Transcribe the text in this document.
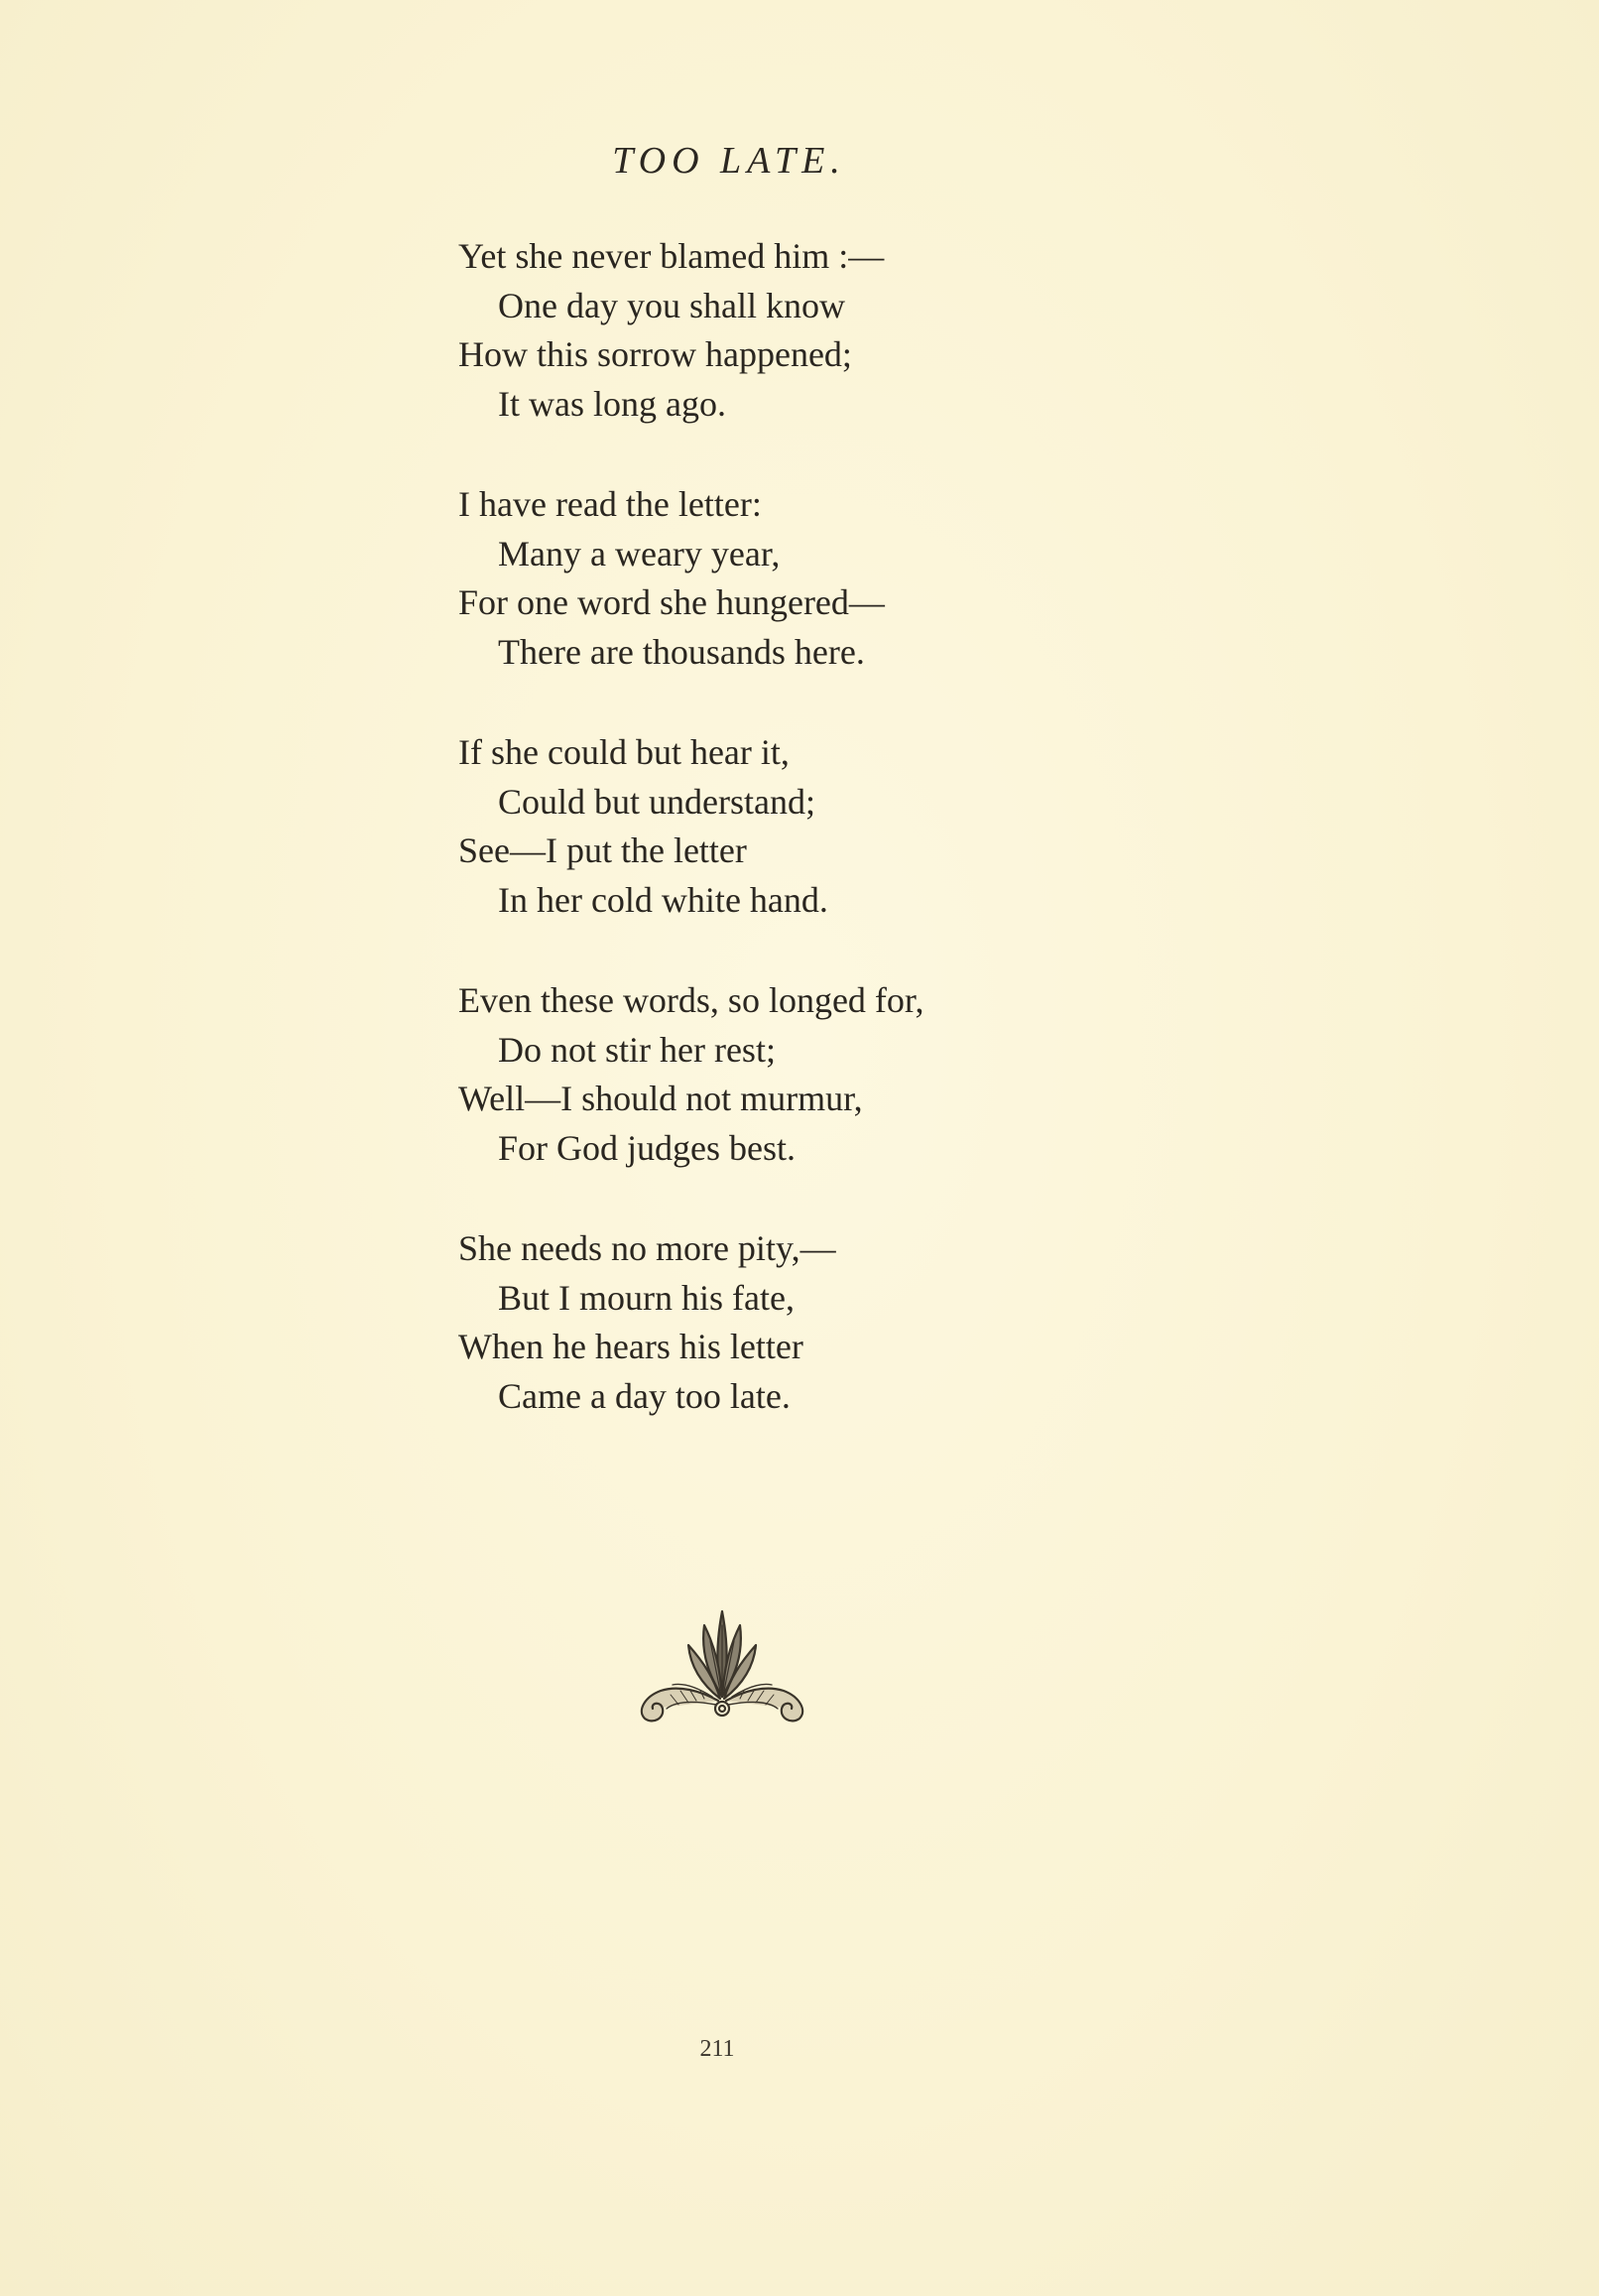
TOO LATE.
Yet she never blamed him :—
One day you shall know
How this sorrow happened;
It was long ago.
I have read the letter:
Many a weary year,
For one word she hungered—
There are thousands here.
If she could but hear it,
Could but understand;
See—I put the letter
In her cold white hand.
Even these words, so longed for,
Do not stir her rest;
Well—I should not murmur,
For God judges best.
She needs no more pity,—
But I mourn his fate,
When he hears his letter
Came a day too late.
211
